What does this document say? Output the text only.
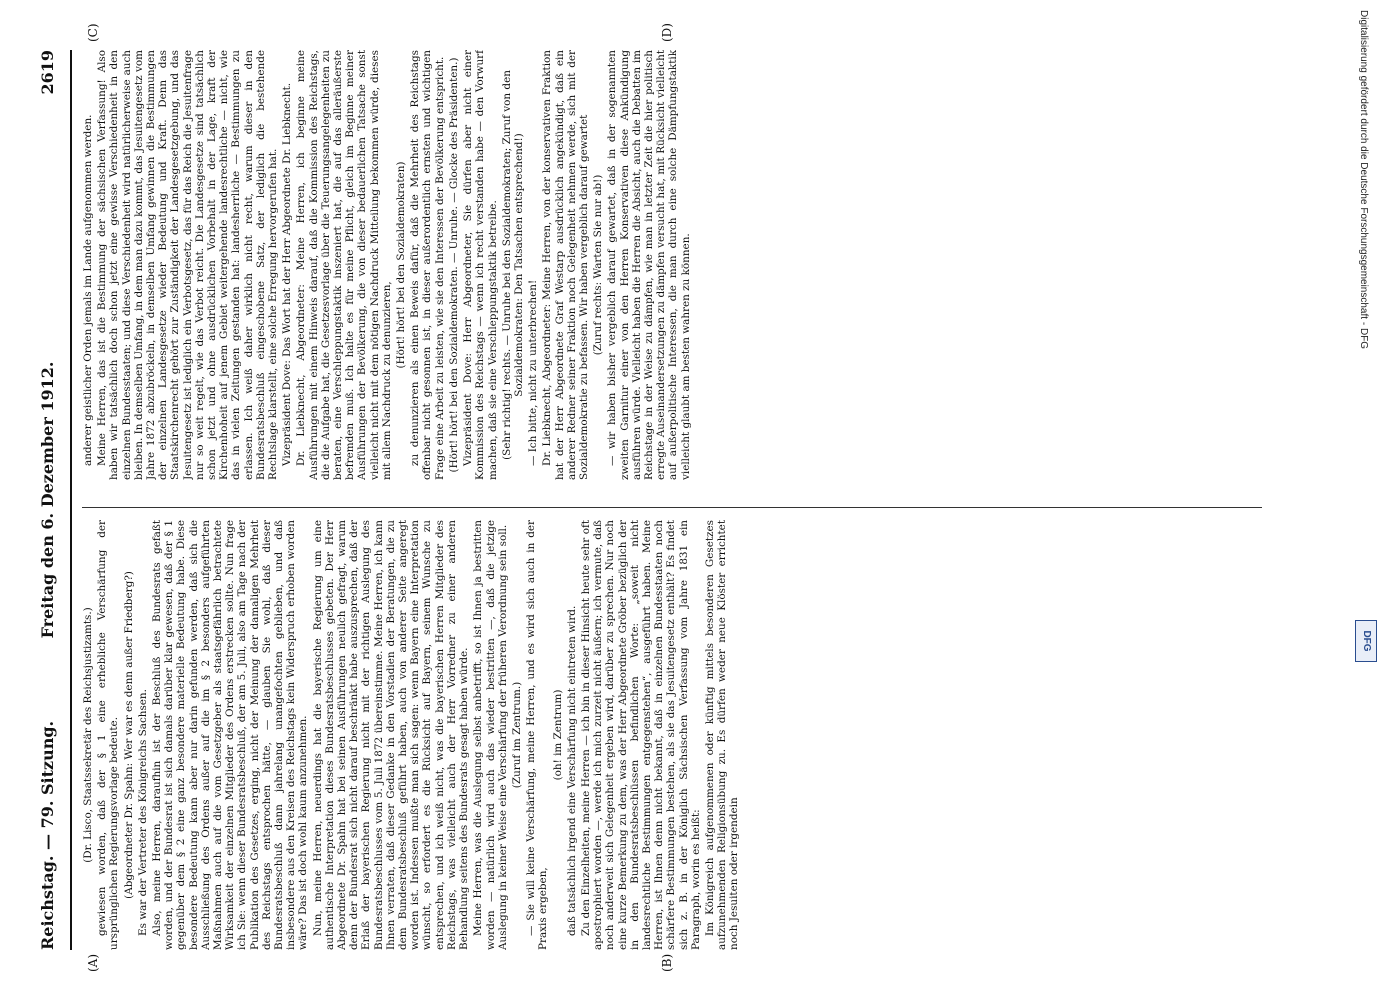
Reichstag. — 79. Sitzung.
Freitag den 6. Dezember 1912.
2619
(A)	(B)
(C)	(D)

(Dr. Lisco, Staatssekretär des Reichsjustizamts.) gewiesen worden, daß der § 1 eine erhebliche Verschärfung der ursprünglichen Regierungsvorlage bedeute. (Abgeordneter Dr. Spahn: Wer war es denn außer Friedberg?) Es war der Vertreter des Königreichs Sachsen. Also, meine Herren, daraufhin ist der Beschluß des Bundesrats gefaßt worden, und der Bundesrat ist sich damals darüber klar gewesen, daß der § 1 gegenüber dem § 2 eine ganz besondere materielle Bedeutung habe. Diese besondere Bedeutung kann aber nur darin gefunden werden, daß sich die Ausschließung des Ordens außer auf die im § 2 besonders aufgeführten Maßnahmen auch auf die vom Gesetzgeber als staatsgefährlich betrachtete Wirksamkeit der einzelnen Mitglieder des Ordens erstrecken sollte. Nun frage ich Sie: wenn dieser Bundesratsbeschluß, der am 5. Juli, also am Tage nach der Publikation des Gesetzes, erging, nicht der Meinung der damaligen Mehrheit des Reichstags entsprochen hätte, — glauben Sie wohl, daß dieser Bundesratsbeschluß dann jahrelang unangefochten geblieben, und daß insbesondere aus den Kreisen des Reichstags kein Widerspruch erhoben worden wäre? Das ist doch wohl kaum anzunehmen. Nun, meine Herren, neuerdings hat die bayerische Regierung um eine authentische Interpretation dieses Bundesratsbeschlusses gebeten. Der Herr Abgeordnete Dr. Spahn hat bei seinen Ausführungen neulich gefragt, warum denn der Bundesrat sich nicht darauf beschränkt habe auszusprechen, daß der Erlaß der bayerischen Regierung nicht mit der richtigen Auslegung des Bundesratsbeschlusses vom 5. Juli 1872 übereinstimme. Meine Herren, ich kann Ihnen verraten, daß dieser Gedanke in den Vorstadien der Beratungen, die zu dem Bundesratsbeschluß geführt haben, auch von anderer Seite angeregt worden ist. Indessen mußte man sich sagen: wenn Bayern eine Interpretation wünscht, so erfordert es die Rücksicht auf Bayern, seinem Wunsche zu entsprechen, und ich weiß nicht, was die bayerischen Herren Mitglieder des Reichstags, was vielleicht auch der Herr Vorredner zu einer anderen Behandlung seitens des Bundesrats gesagt haben würde. Meine Herren, was die Auslegung selbst anbetrifft, so ist Ihnen ja bestritten worden — natürlich wird auch das wieder bestritten —, daß die jetzige Auslegung in keiner Weise eine Verschärfung der früheren Verordnung sein soll. (Zuruf im Zentrum.) — Sie will keine Verschärfung, meine Herren, und es wird sich auch in der Praxis ergeben,

(oh! im Zentrum) daß tatsächlich irgend eine Verschärfung nicht eintreten wird. Zu den Einzelheiten, meine Herren — ich bin in dieser Hinsicht heute sehr oft apostrophiert worden —, werde ich mich zurzeit nicht äußern; ich vermute, daß noch anderweit sich Gelegenheit ergeben wird, darüber zu sprechen. Nur noch eine kurze Bemerkung zu dem, was der Herr Abgeordnete Gröber bezüglich der in den Bundesratsbeschlüssen befindlichen Worte: „soweit nicht landesrechtliche Bestimmungen entgegenstehen“, ausgeführt haben. Meine Herren, ist Ihnen denn nicht bekannt, daß in einzelnen Bundesstaaten noch schärfere Bestimmungen bestehen, als sie das Jesuitengesetz enthält? Es findet sich z. B. in der Königlich Sächsischen Verfassung vom Jahre 1831 ein Paragraph, worin es heißt: Im Königreich aufgenommenen oder künftig mittels besonderen Gesetzes aufzunehmenden Religionsübung zu. Es dürfen weder neue Klöster errichtet noch Jesuiten oder irgendein

anderer geistlicher Orden jemals im Lande aufgenommen werden. Meine Herren, das ist die Bestimmung der sächsischen Verfassung! Also haben wir tatsächlich doch schon jetzt eine gewisse Verschiedenheit in den einzelnen Bundesstaaten; und diese Verschiedenheit wird natürlicherweise auch bleiben. In demselben Umfang, in dem man dazu kommt, das Jesuitengesetz vom Jahre 1872 abzubröckeln, in demselben Umfang gewinnen die Bestimmungen der einzelnen Landesgesetze wieder Bedeutung und Kraft. Denn das Staatskirchenrecht gehört zur Zuständigkeit der Landesgesetzgebung, und das Jesuitengesetz ist lediglich ein Verbotsgesetz, das für das Reich die Jesuitenfrage nur so weit regelt, wie das Verbot reicht. Die Landesgesetze sind tatsächlich schon jetzt und ohne ausdrücklichen Vorbehalt in der Lage, kraft der Kirchenhoheit auf jenem Gebiet weitergehende landesrechtliche — nicht, wie das in vielen Zeitungen gestanden hat: landesherrliche — Bestimmungen zu erlassen. Ich weiß daher wirklich nicht recht, warum dieser in den Bundesratsbeschluß eingeschobene Satz, der lediglich die bestehende Rechtslage klarstellt, eine solche Erregung hervorgerufen hat. Vizepräsident Dove: Das Wort hat der Herr Abgeordnete Dr. Liebknecht. Dr. Liebknecht, Abgeordneter: Meine Herren, ich beginne meine Ausführungen mit einem Hinweis darauf, daß die Kommission des Reichstags, die die Aufgabe hat, die Gesetzesvorlage über die Teuerungsangelegenheiten zu beraten, eine Verschleppungstaktik inszeniert hat, die auf das alleräußerste befremden muß. Ich halte es für meine Pflicht, gleich im Beginne meiner Ausführungen der Bevölkerung, die von dieser bedauerlichen Tatsache sonst vielleicht nicht mit dem nötigen Nachdruck Mitteilung bekommen würde, dieses mit allem Nachdruck zu denunzieren,

(Hört! hört! bei den Sozialdemokraten) zu denunzieren als einen Beweis dafür, daß die Mehrheit des Reichstags offenbar nicht gesonnen ist, in dieser außerordentlich ernsten und wichtigen Frage eine Arbeit zu leisten, wie sie den Interessen der Bevölkerung entspricht. (Hört! hört! bei den Sozialdemokraten. — Unruhe. — Glocke des Präsidenten.) Vizepräsident Dove: Herr Abgeordneter, Sie dürfen aber nicht einer Kommission des Reichstags — wenn ich recht verstanden habe — den Vorwurf machen, daß sie eine Verschleppungstaktik betreibe. (Sehr richtig! rechts. — Unruhe bei den Sozialdemokraten; Zuruf von den Sozialdemokraten: Den Tatsachen entsprechend!) — Ich bitte, nicht zu unterbrechen! Dr. Liebknecht, Abgeordneter: Meine Herren, von der konservativen Fraktion hat der Herr Abgeordnete Graf Westarp ausdrücklich angekündigt, daß ein anderer Redner seiner Fraktion noch Gelegenheit nehmen werde, sich mit der Sozialdemokratie zu befassen. Wir haben vergeblich darauf gewartet (Zuruf rechts: Warten Sie nur ab!) — wir haben bisher vergeblich darauf gewartet, daß in der sogenannten zweiten Garnitur einer von den Herren Konservativen diese Ankündigung ausführen würde. Vielleicht haben die Herren die Absicht, auch die Debatten im Reichstage in der Weise zu dämpfen, wie man in letzter Zeit die hier politisch erregte Auseinandersetzungen zu dämpfen versucht hat, mit Rücksicht vielleicht auf außerpolitische Interessen, die man durch eine solche Dämpfungstaktik vielleicht glaubt am besten wahren zu können.

Digitalisierung gefördert durch die Deutsche Forschungsgemeinschaft - DFG
DFG
